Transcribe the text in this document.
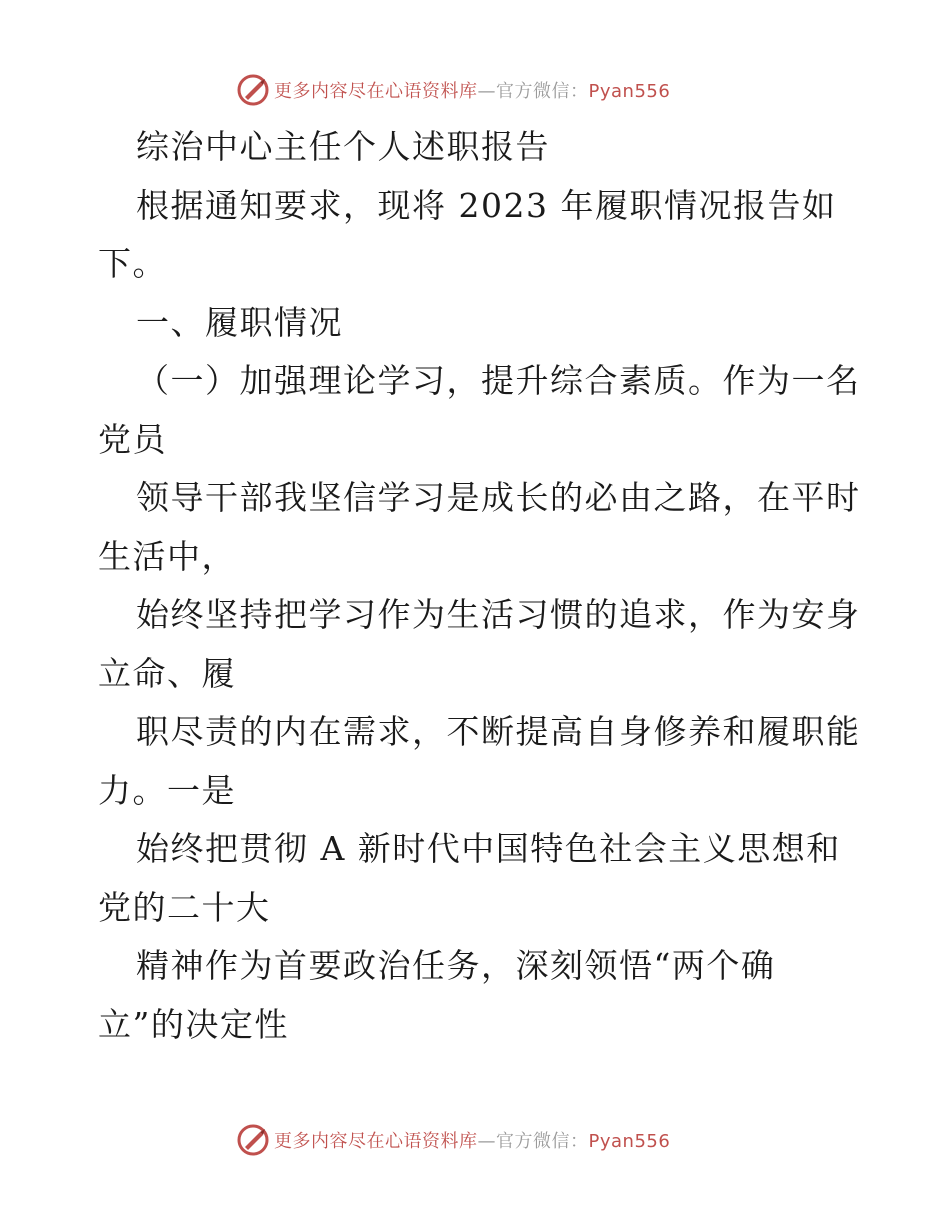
更多内容尽在心语资料库—官方微信：Pyan556
综治中心主任个人述职报告
根据通知要求，现将 2023 年履职情况报告如
下。
一、履职情况
（一）加强理论学习，提升综合素质。作为一名
党员
领导干部我坚信学习是成长的必由之路，在平时
生活中，
始终坚持把学习作为生活习惯的追求，作为安身
立命、履
职尽责的内在需求，不断提高自身修养和履职能
力。一是
始终把贯彻 A 新时代中国特色社会主义思想和
党的二十大
精神作为首要政治任务，深刻领悟“两个确
立”的决定性
更多内容尽在心语资料库—官方微信：Pyan556
